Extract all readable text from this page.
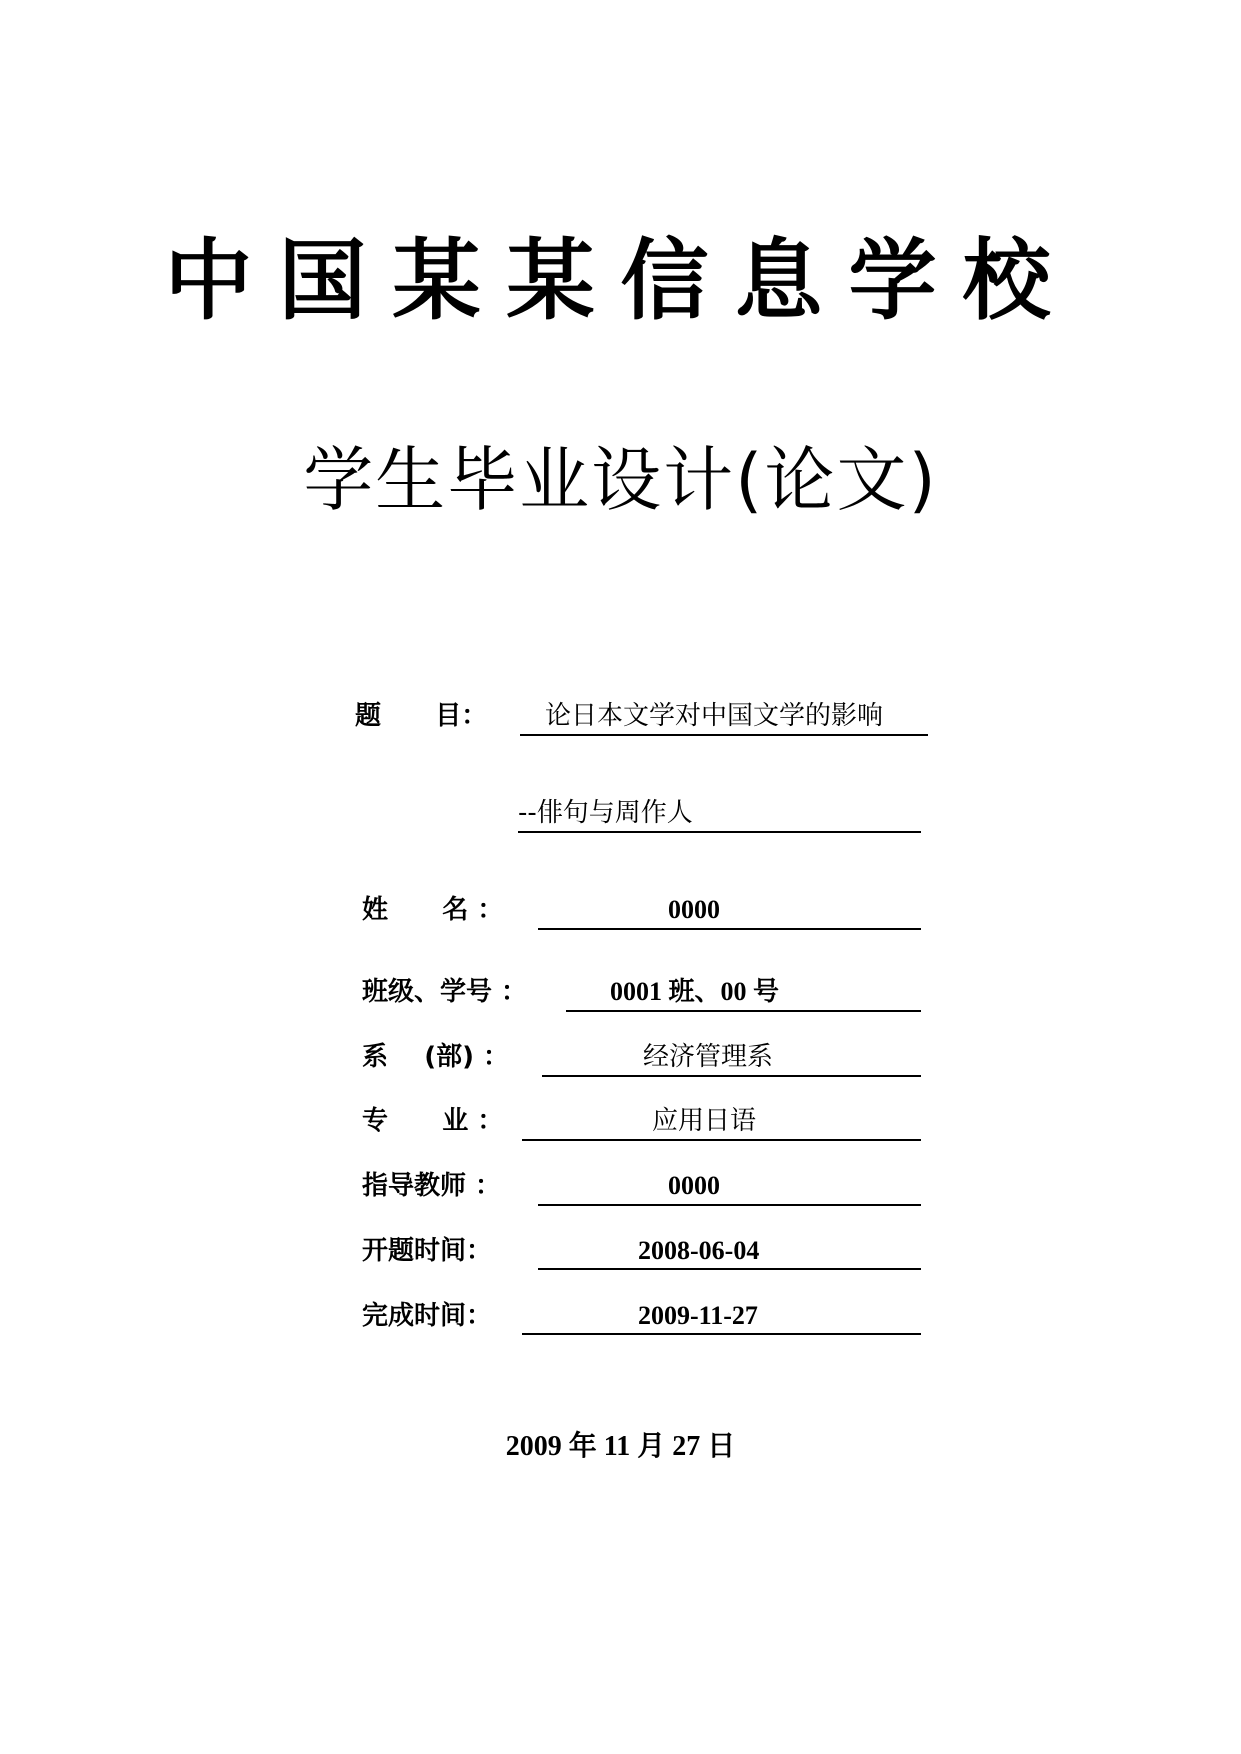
中国某某信息学校
学生毕业设计(论文)
题      目： 论日本文学对中国文学的影响
--俳句与周作人
姓      名 ：	0000
班级、学号 ：	0001 班、00 号
系    (部) ：	经济管理系
专      业 ：	应用日语
指导教师 ：	0000
开题时间：	2008-06-04
完成时间：	2009-11-27
2009 年 11 月 27 日
